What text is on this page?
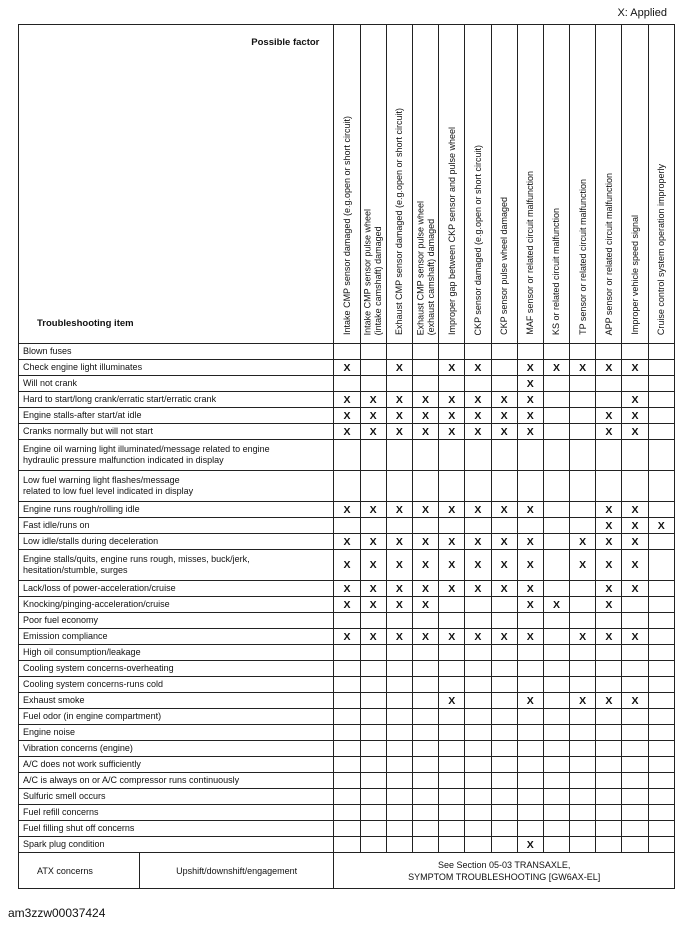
X: Applied
Possible factor
Troubleshooting item		Intake CMP sensor damaged (e.g.open or short circuit)	Intake CMP sensor pulse wheel
(intake camshaft) damaged	Exhaust CMP sensor damaged (e.g.open or short circuit)	Exhaust CMP sensor pulse wheel
(exhaust camshaft) damaged	Improper gap between CKP sensor and pulse wheel	CKP sensor damaged (e.g.open or short circuit)	CKP sensor pulse wheel damaged	MAF sensor or related circuit malfunction	KS or related circuit malfunction	TP sensor or related circuit malfunction	APP sensor or related circuit malfunction	Improper vehicle speed signal	Cruise control system operation improperly

Blown fuses														
Check engine light illuminates		X		X		X	X		X	X	X	X	X	
Will not crank									X					
Hard to start/long crank/erratic start/erratic crank		X	X	X	X	X	X	X	X				X	
Engine stalls-after start/at idle		X	X	X	X	X	X	X	X			X	X	
Cranks normally but will not start		X	X	X	X	X	X	X	X			X	X	
Engine oil warning light illuminated/message related to engine
hydraulic pressure malfunction indicated in display														
Low fuel warning light flashes/message
related to low fuel level indicated in display														
Engine runs rough/rolling idle		X	X	X	X	X	X	X	X			X	X	
Fast idle/runs on												X	X	X
Low idle/stalls during deceleration		X	X	X	X	X	X	X	X		X	X	X	
Engine stalls/quits, engine runs rough, misses, buck/jerk,
hesitation/stumble, surges		X	X	X	X	X	X	X	X		X	X	X	
Lack/loss of power-acceleration/cruise		X	X	X	X	X	X	X	X			X	X	
Knocking/pinging-acceleration/cruise		X	X	X	X				X	X		X		
Poor fuel economy														
Emission compliance		X	X	X	X	X	X	X	X		X	X	X	
High oil consumption/leakage														
Cooling system concerns-overheating														
Cooling system concerns-runs cold														
Exhaust smoke						X			X		X	X	X	
Fuel odor (in engine compartment)														
Engine noise														
Vibration concerns (engine)														
A/C does not work sufficiently														
A/C is always on or A/C compressor runs continuously														
Sulfuric smell occurs														
Fuel refill concerns														
Fuel filling shut off concerns														
Spark plug condition									X					
ATX concerns	Upshift/downshift/engagement	See Section 05-03 TRANSAXLE,
SYMPTOM TROUBLESHOOTING [GW6AX-EL]												
am3zzw00037424
